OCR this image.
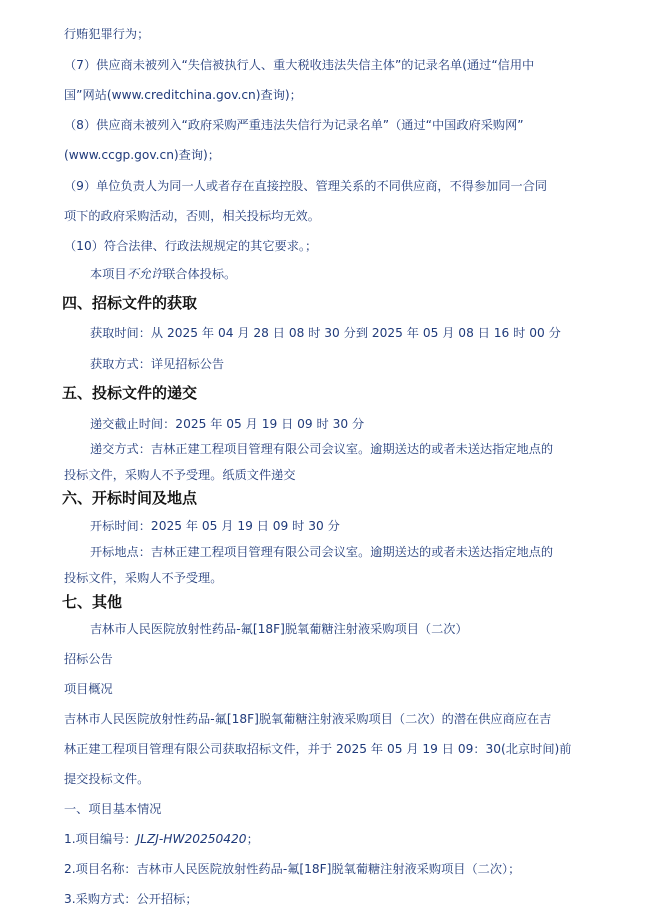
行贿犯罪行为；
（7）供应商未被列入“失信被执行人、重大税收违法失信主体”的记录名单(通过“信用中
国”网站(www.creditchina.gov.cn)查询)；
（8）供应商未被列入“政府采购严重违法失信行为记录名单”（通过“中国政府采购网”
(www.ccgp.gov.cn)查询)；
（9）单位负责人为同一人或者存在直接控股、管理关系的不同供应商，不得参加同一合同
项下的政府采购活动，否则，相关投标均无效。
（10）符合法律、行政法规规定的其它要求。；
本项目不允许联合体投标。
四、招标文件的获取
获取时间：从 2025 年 04 月 28 日 08 时 30 分到 2025 年 05 月 08 日 16 时 00 分
获取方式：详见招标公告
五、投标文件的递交
递交截止时间：2025 年 05 月 19 日 09 时 30 分
递交方式：吉林正建工程项目管理有限公司会议室。逾期送达的或者未送达指定地点的
投标文件，采购人不予受理。纸质文件递交
六、开标时间及地点
开标时间：2025 年 05 月 19 日 09 时 30 分
开标地点：吉林正建工程项目管理有限公司会议室。逾期送达的或者未送达指定地点的
投标文件，采购人不予受理。
七、其他
吉林市人民医院放射性药品-氟[18F]脱氧葡糖注射液采购项目（二次）
招标公告
项目概况
吉林市人民医院放射性药品-氟[18F]脱氧葡糖注射液采购项目（二次）的潜在供应商应在吉
林正建工程项目管理有限公司获取招标文件，并于 2025 年 05 月 19 日 09：30(北京时间)前
提交投标文件。
一、项目基本情况
1.项目编号：JLZJ-HW20250420；
2.项目名称：吉林市人民医院放射性药品-氟[18F]脱氧葡糖注射液采购项目（二次）；
3.采购方式：公开招标；
